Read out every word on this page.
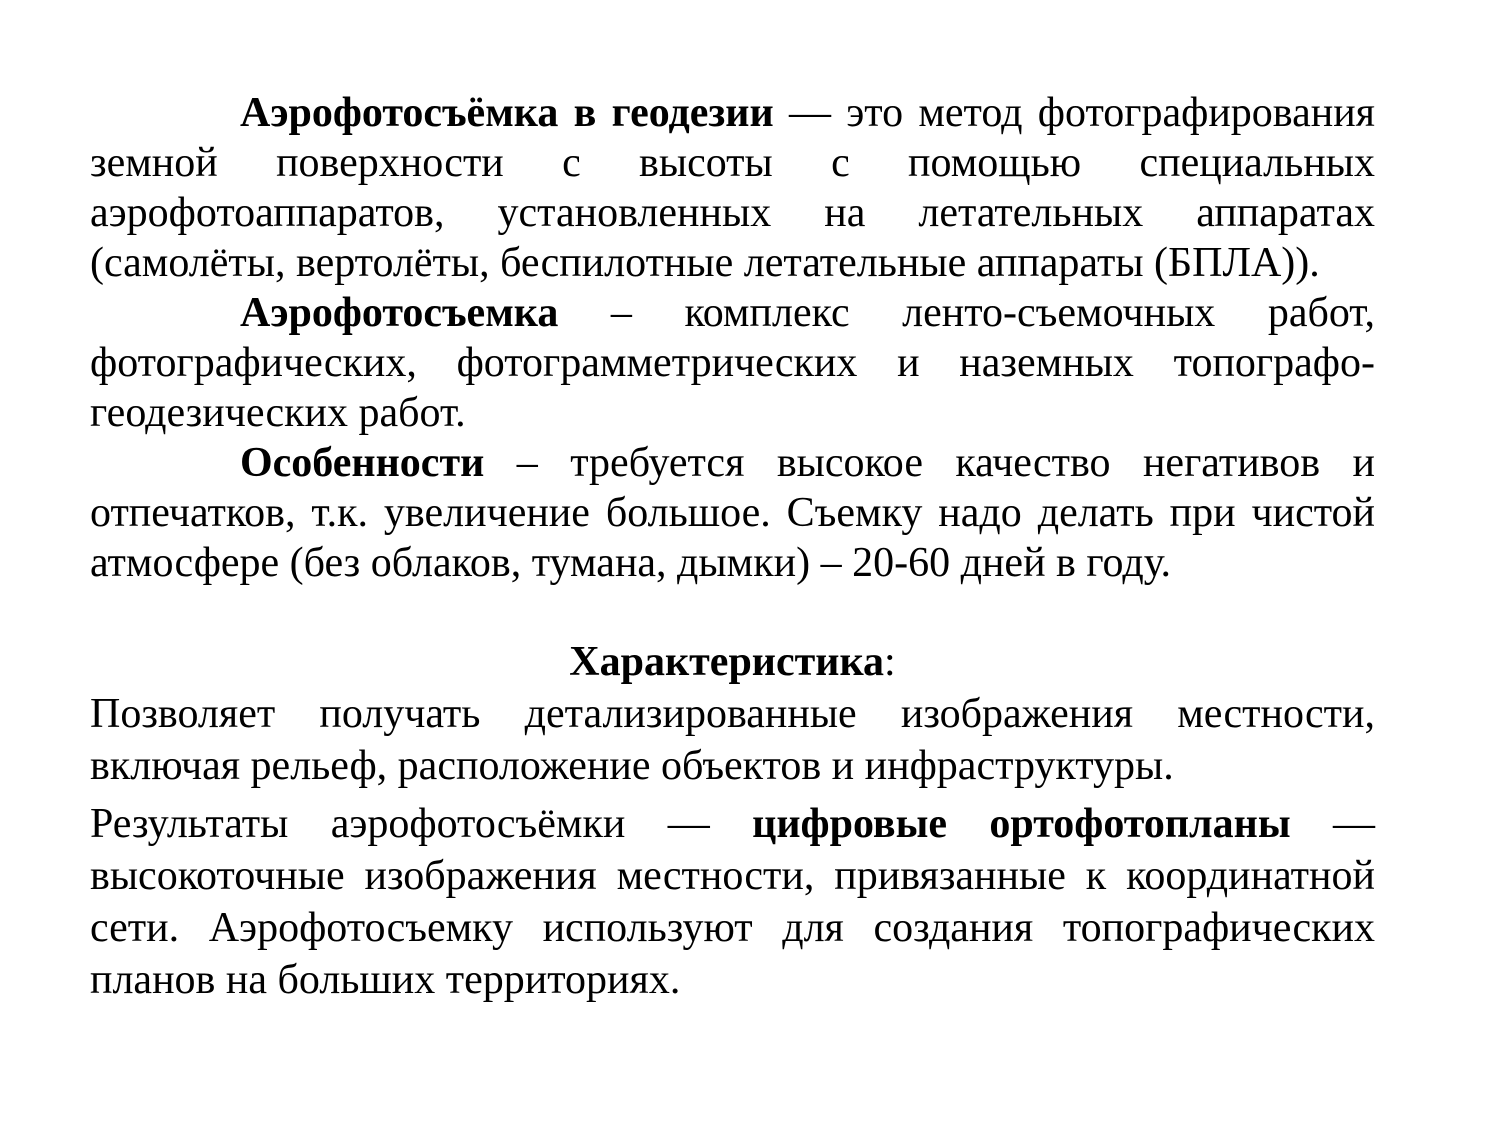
Аэрофотосъёмка в геодезии — это метод фотографирования земной поверхности с высоты с помощью специальных аэрофотоаппаратов, установленных на летательных аппаратах (самолёты, вертолёты, беспилотные летательные аппараты (БПЛА)).

Аэрофотосъемка – комплекс ленто-съемочных работ, фотографических, фотограмметрических и наземных топографо-геодезических работ.

Особенности – требуется высокое качество негативов и отпечатков, т.к. увеличение большое. Съемку надо делать при чистой атмосфере (без облаков, тумана, дымки) – 20-60 дней в году.

Характеристика:

Позволяет получать детализированные изображения местности, включая рельеф, расположение объектов и инфраструктуры.

Результаты аэрофотосъёмки — цифровые ортофотопланы — высокоточные изображения местности, привязанные к координатной сети. Аэрофотосъемку используют для создания топографических планов на больших территориях.
